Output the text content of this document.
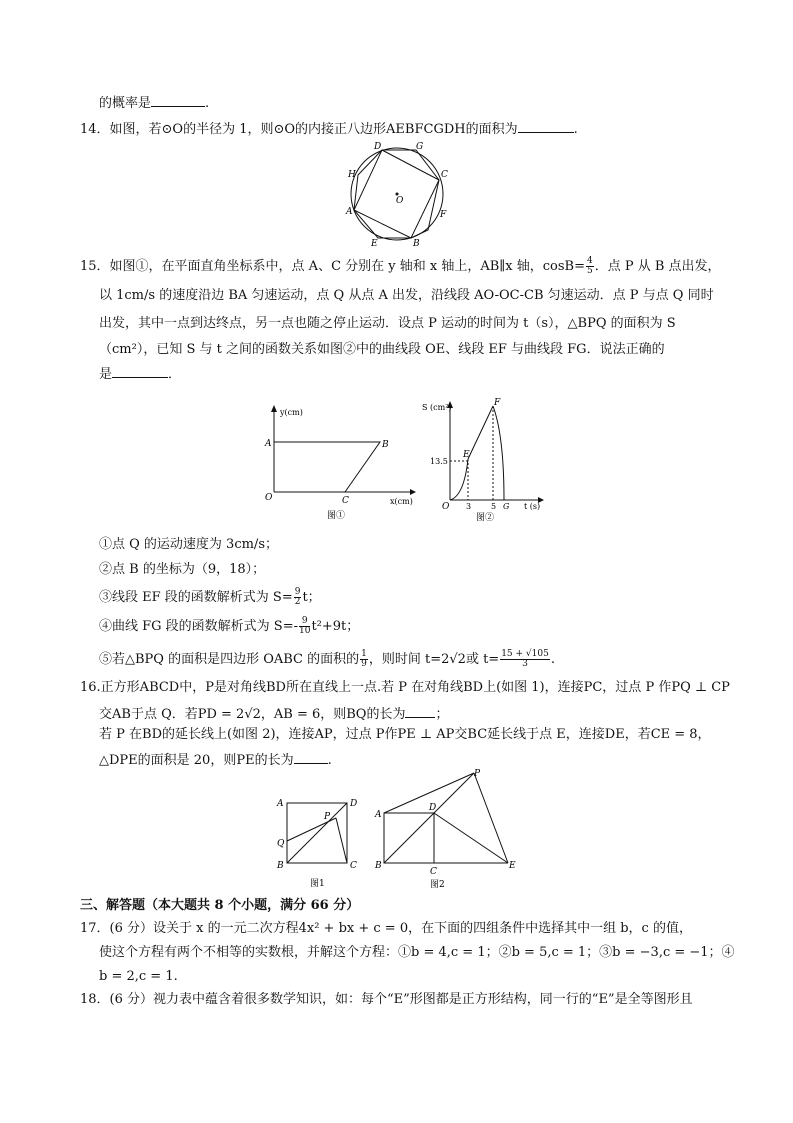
的概率是	.
14．如图，若⊙O的半径为 1，则⊙O的内接正八边形AEBFCGDH的面积为	.
D	G
H	C
O
A	F
E	B
15．如图①，在平面直角坐标系中，点 A、C 分别在 y 轴和 x 轴上，AB∥x 轴，$\cos B= \frac{4}{5}$ ．点 P 从 B 点出发，
以 1cm/s 的速度沿边 BA 匀速运动，点 Q 从点 A 出发，沿线段 AO-OC-CB 匀速运动．点 P 与点 Q 同时
出发，其中一点到达终点，另一点也随之停止运动．设点 P 运动的时间为 t（s），△BPQ 的面积为 S
（cm²），已知 S 与 t 之间的函数关系如图②中的曲线段 OE、线段 EF 与曲线段 FG．说法正确的
是	．
y(cm)
x(cm)
A	B
O	C
图①
S (cm²)	F
E
13.5
O 3 5 G t (s)
图②
①点 Q 的运动速度为 3cm/s；
②点 B 的坐标为（9，18）；
③线段 EF 段的函数解析式为 $S= \frac{9}{2}$ t；
④曲线 FG 段的函数解析式为 $S=- \frac{9}{10} t^2+9t$；
⑤若△BPQ 的面积是四边形 OABC 的面积的 $\frac{1}{9}$ ，则时间 t=2√2或 $t= \frac{15 + √105}{3}$ .
16.正方形ABCD中，P是对角线BD所在直线上一点.若 P 在对角线BD上(如图 1)，连接PC，过点 P 作PQ ⊥ CP
交AB于点 Q．若PD = 2√2，AB = 6，则BQ的长为 ；
若 P 在BD的延长线上(如图 2)，连接AP，过点 P作PE ⊥ AP交BC延长线于点 E，连接DE，若CE = 8，
△DPE的面积是 20，则PE的长为	.
A	D
P
Q
B	C
图1
P
A
D
B
C
E
图2
三、解答题（本大题共 8 个小题，满分 66 分）
17．(6 分）设关于 x 的一元二次方程4x² + bx + c = 0，在下面的四组条件中选择其中一组 b，c 的值，
使这个方程有两个不相等的实数根，并解这个方程：①b = 4,c = 1；②b = 5,c = 1；③b = −3,c = −1；④
b = 2,c = 1.
18．(6 分）视力表中蕴含着很多数学知识，如：每个“E”形图都是正方形结构，同一行的“E”是全等图形且
